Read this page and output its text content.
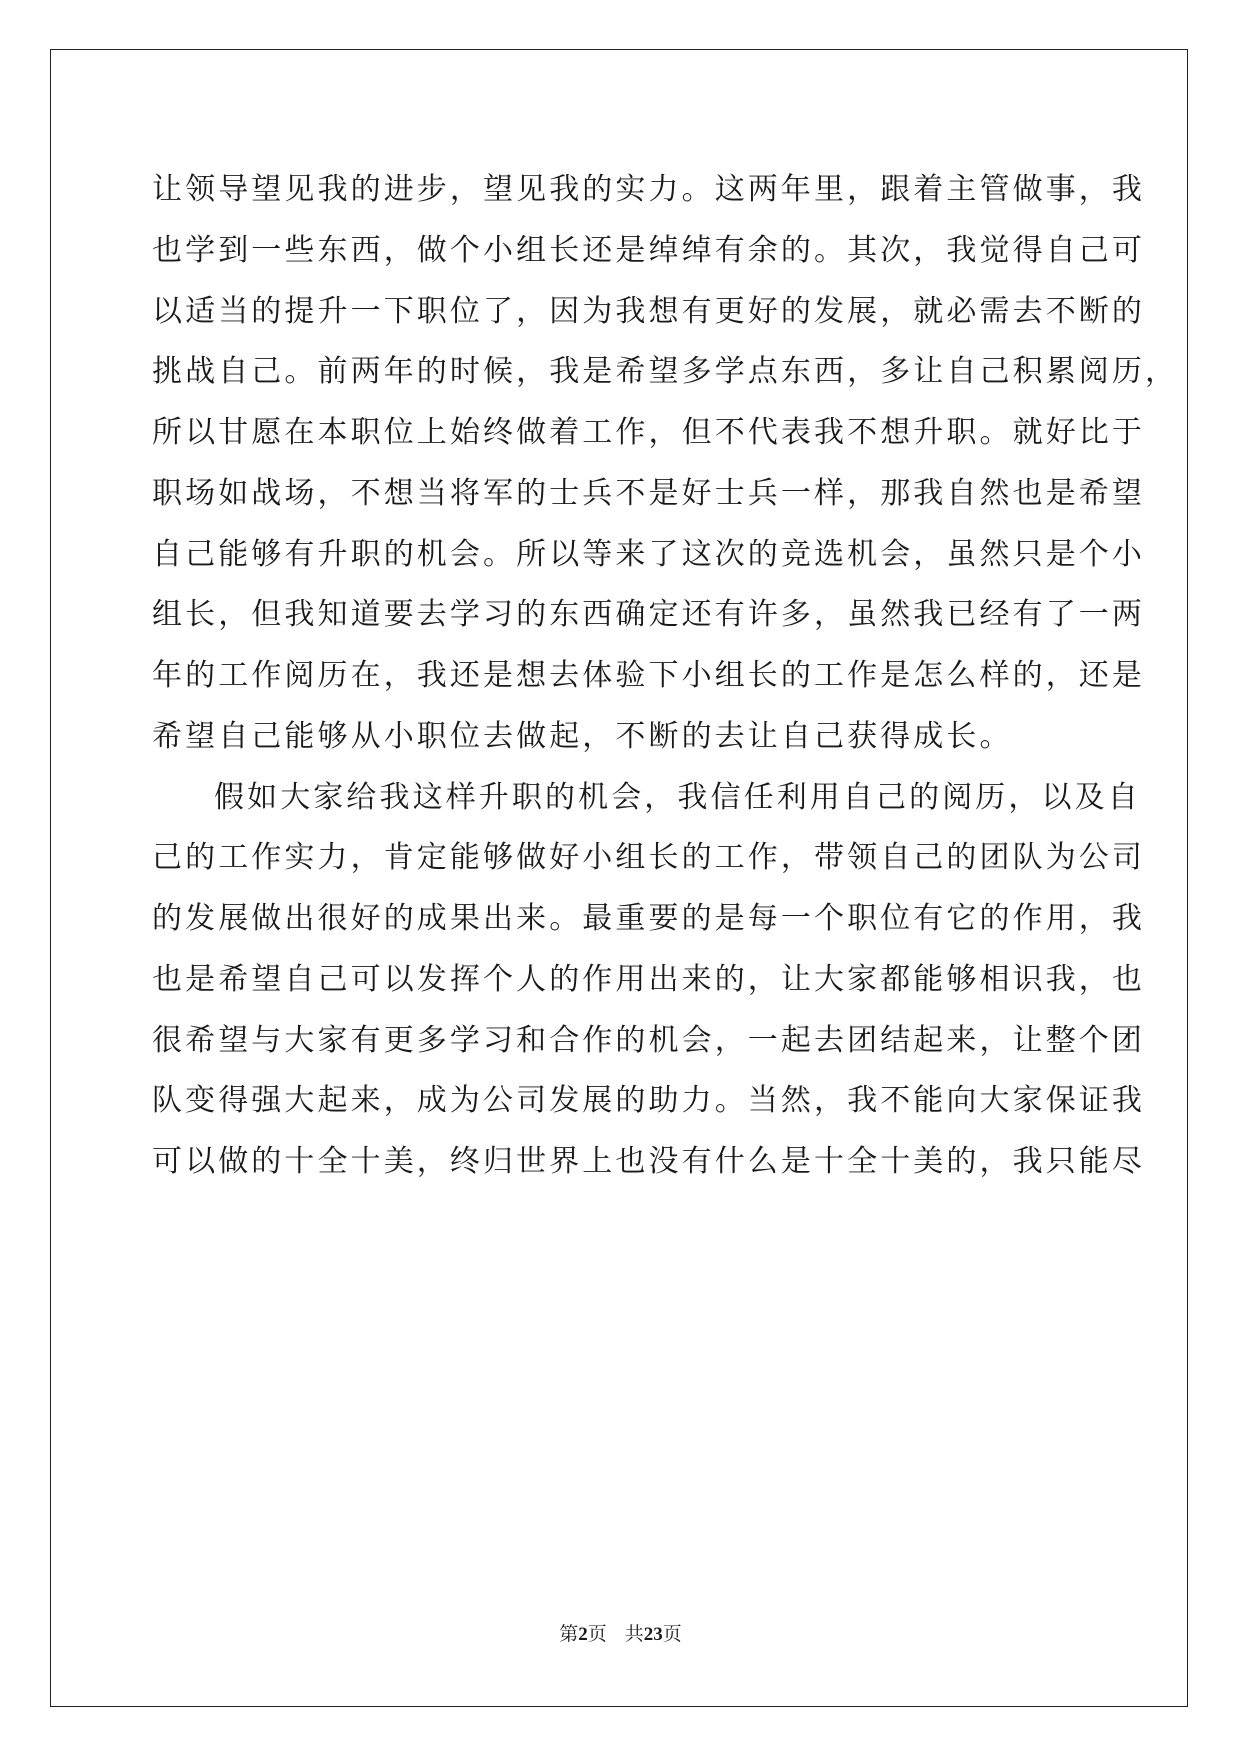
让领导望见我的进步，望见我的实力。这两年里，跟着主管做事，我
也学到一些东西，做个小组长还是绰绰有余的。其次，我觉得自己可
以适当的提升一下职位了，因为我想有更好的发展，就必需去不断的
挑战自己。前两年的时候，我是希望多学点东西，多让自己积累阅历，
所以甘愿在本职位上始终做着工作，但不代表我不想升职。就好比于
职场如战场，不想当将军的士兵不是好士兵一样，那我自然也是希望
自己能够有升职的机会。所以等来了这次的竞选机会，虽然只是个小
组长，但我知道要去学习的东西确定还有许多，虽然我已经有了一两
年的工作阅历在，我还是想去体验下小组长的工作是怎么样的，还是
希望自己能够从小职位去做起，不断的去让自己获得成长。
假如大家给我这样升职的机会，我信任利用自己的阅历，以及自
己的工作实力，肯定能够做好小组长的工作，带领自己的团队为公司
的发展做出很好的成果出来。最重要的是每一个职位有它的作用，我
也是希望自己可以发挥个人的作用出来的，让大家都能够相识我，也
很希望与大家有更多学习和合作的机会，一起去团结起来，让整个团
队变得强大起来，成为公司发展的助力。当然，我不能向大家保证我
可以做的十全十美，终归世界上也没有什么是十全十美的，我只能尽
第2页 共23页
